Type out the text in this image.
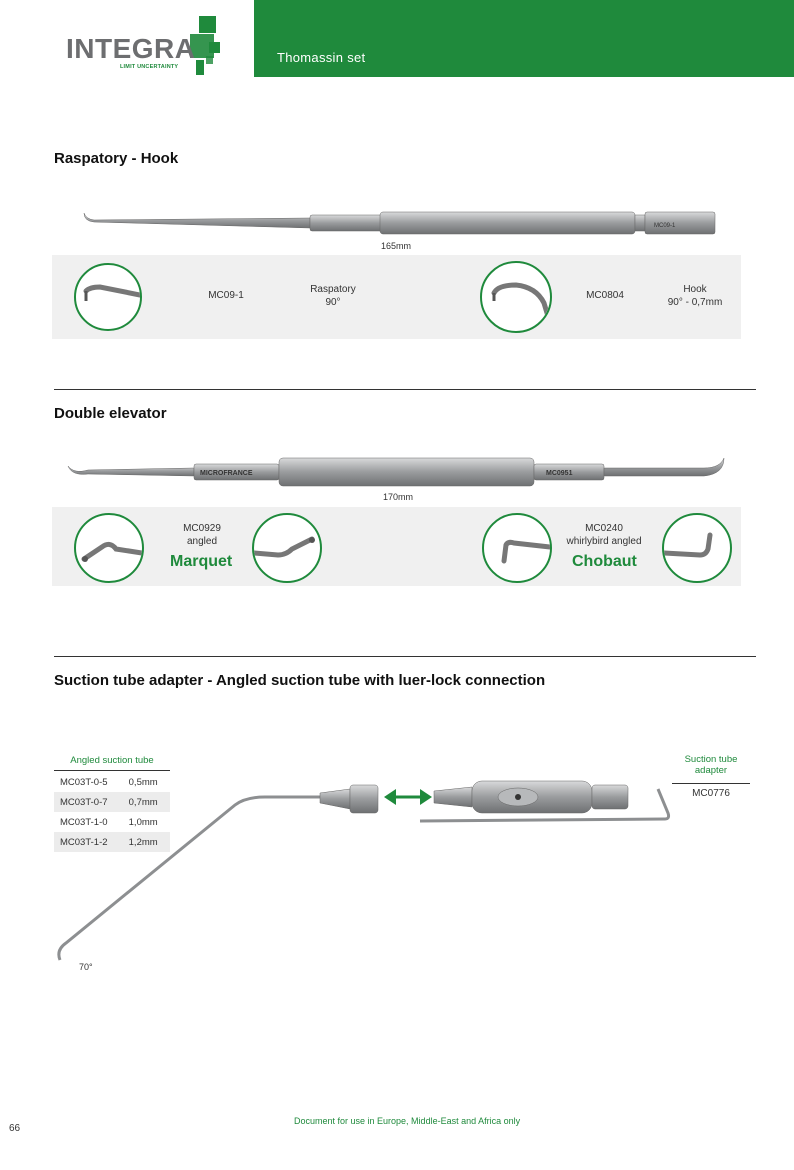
Thomassin set
INTEGRA
LIMIT UNCERTAINTY
Raspatory - Hook
MC09-1
165mm
MC09-1
Raspatory
90°
MC0804
Hook
90° - 0,7mm
Double elevator
MICROFRANCE	MC0951
170mm
MC0929
angled
Marquet
MC0240
whirlybird angled
Chobaut
Suction tube adapter - Angled suction tube with luer-lock connection
Angled suction tube
MC03T-0-5	0,5mm
MC03T-0-7	0,7mm
MC03T-1-0	1,0mm
MC03T-1-2	1,2mm
Suction tube adapter
MC0776
70°
66
Document for use in Europe, Middle-East and Africa only
